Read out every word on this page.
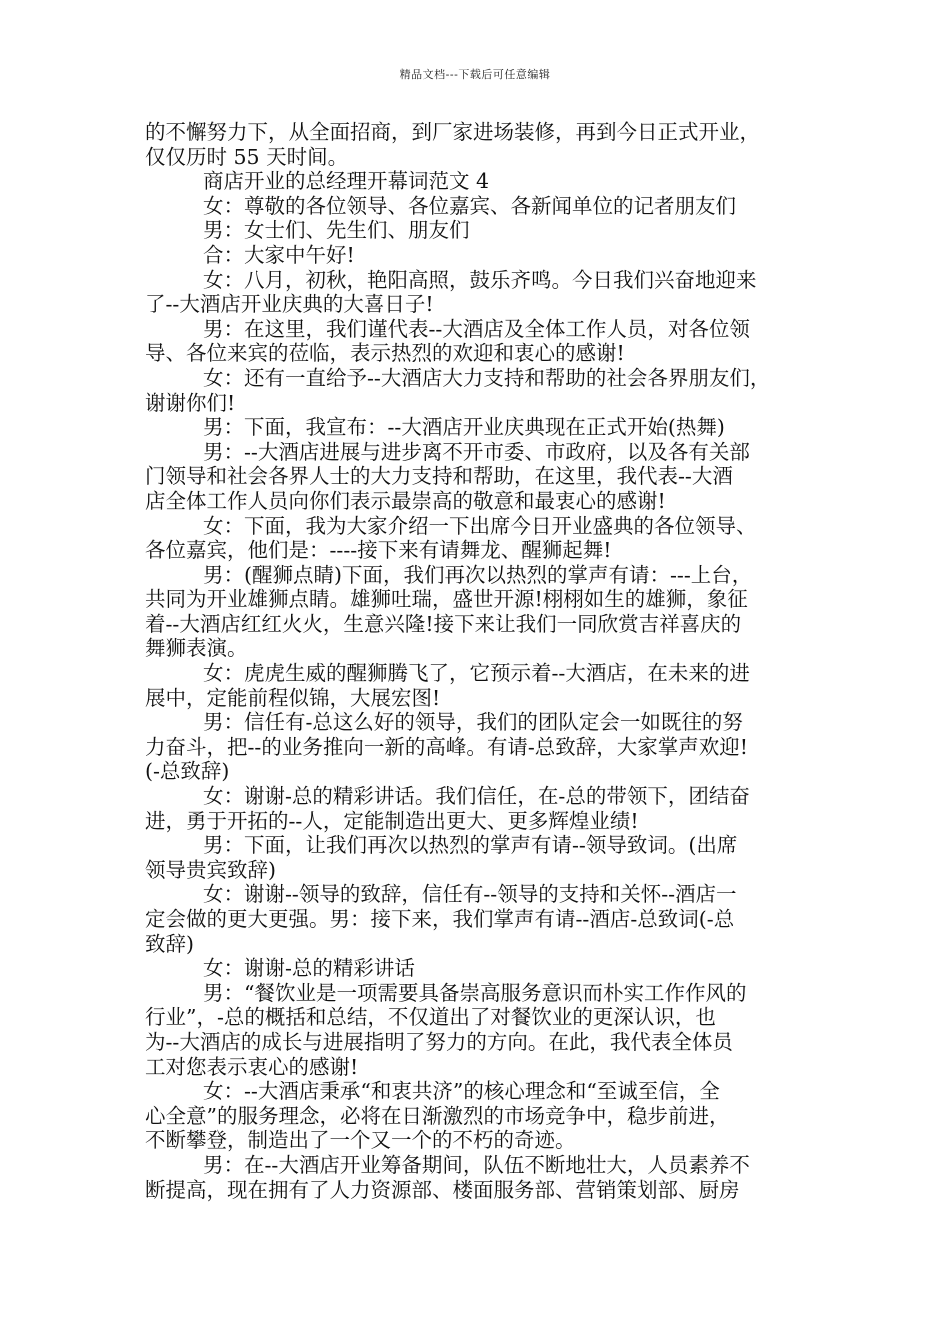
精品文档---下载后可任意编辑
的不懈努力下，从全面招商，到厂家进场装修，再到今日正式开业，
仅仅历时 55 天时间。
商店开业的总经理开幕词范文 4
女：尊敬的各位领导、各位嘉宾、各新闻单位的记者朋友们
男：女士们、先生们、朋友们
合：大家中午好!
女：八月，初秋，艳阳高照，鼓乐齐鸣。今日我们兴奋地迎来
了--大酒店开业庆典的大喜日子!
男：在这里，我们谨代表--大酒店及全体工作人员，对各位领
导、各位来宾的莅临，表示热烈的欢迎和衷心的感谢!
女：还有一直给予--大酒店大力支持和帮助的社会各界朋友们，
谢谢你们!
男：下面，我宣布：--大酒店开业庆典现在正式开始(热舞)
男：--大酒店进展与进步离不开市委、市政府，以及各有关部
门领导和社会各界人士的大力支持和帮助，在这里，我代表--大酒
店全体工作人员向你们表示最崇高的敬意和最衷心的感谢!
女：下面，我为大家介绍一下出席今日开业盛典的各位领导、
各位嘉宾，他们是：----接下来有请舞龙、醒狮起舞!
男：(醒狮点睛)下面，我们再次以热烈的掌声有请：---上台，
共同为开业雄狮点睛。雄狮吐瑞，盛世开源!栩栩如生的雄狮，象征
着--大酒店红红火火，生意兴隆!接下来让我们一同欣赏吉祥喜庆的
舞狮表演。
女：虎虎生威的醒狮腾飞了，它预示着--大酒店，在未来的进
展中，定能前程似锦，大展宏图!
男：信任有-总这么好的领导，我们的团队定会一如既往的努
力奋斗，把--的业务推向一新的高峰。有请-总致辞，大家掌声欢迎!
(-总致辞)
女：谢谢-总的精彩讲话。我们信任，在-总的带领下，团结奋
进，勇于开拓的--人，定能制造出更大、更多辉煌业绩!
男：下面，让我们再次以热烈的掌声有请--领导致词。(出席
领导贵宾致辞)
女：谢谢--领导的致辞，信任有--领导的支持和关怀--酒店一
定会做的更大更强。男：接下来，我们掌声有请--酒店-总致词(-总
致辞)
女：谢谢-总的精彩讲话
男：“餐饮业是一项需要具备崇高服务意识而朴实工作作风的
行业”，-总的概括和总结，不仅道出了对餐饮业的更深认识，也
为--大酒店的成长与进展指明了努力的方向。在此，我代表全体员
工对您表示衷心的感谢!
女：--大酒店秉承“和衷共济”的核心理念和“至诚至信，全
心全意”的服务理念，必将在日渐激烈的市场竞争中，稳步前进，
不断攀登，制造出了一个又一个的不朽的奇迹。
男：在--大酒店开业筹备期间，队伍不断地壮大，人员素养不
断提高，现在拥有了人力资源部、楼面服务部、营销策划部、厨房
